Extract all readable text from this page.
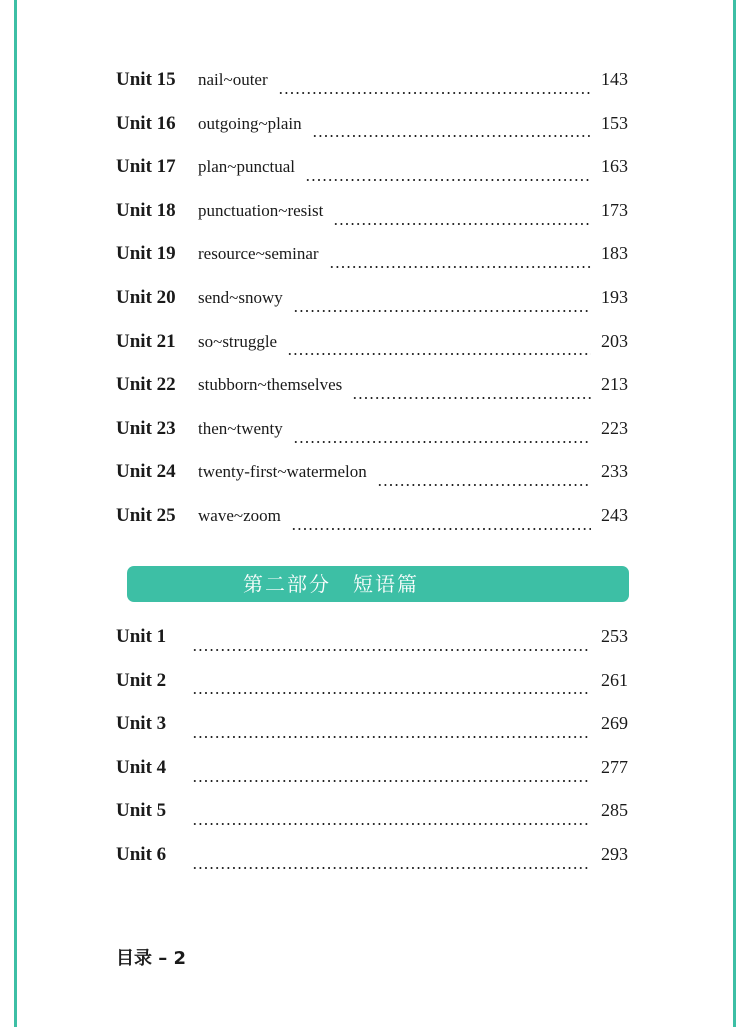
Unit 15	nail~outer	143
Unit 16	outgoing~plain	153
Unit 17	plan~punctual	163
Unit 18	punctuation~resist	173
Unit 19	resource~seminar	183
Unit 20	send~snowy	193
Unit 21	so~struggle	203
Unit 22	stubborn~themselves	213
Unit 23	then~twenty	223
Unit 24	twenty-first~watermelon	233
Unit 25	wave~zoom	243
第二部分 短语篇
Unit 1	253
Unit 2	261
Unit 3	269
Unit 4	277
Unit 5	285
Unit 6	293
目录 – 2
